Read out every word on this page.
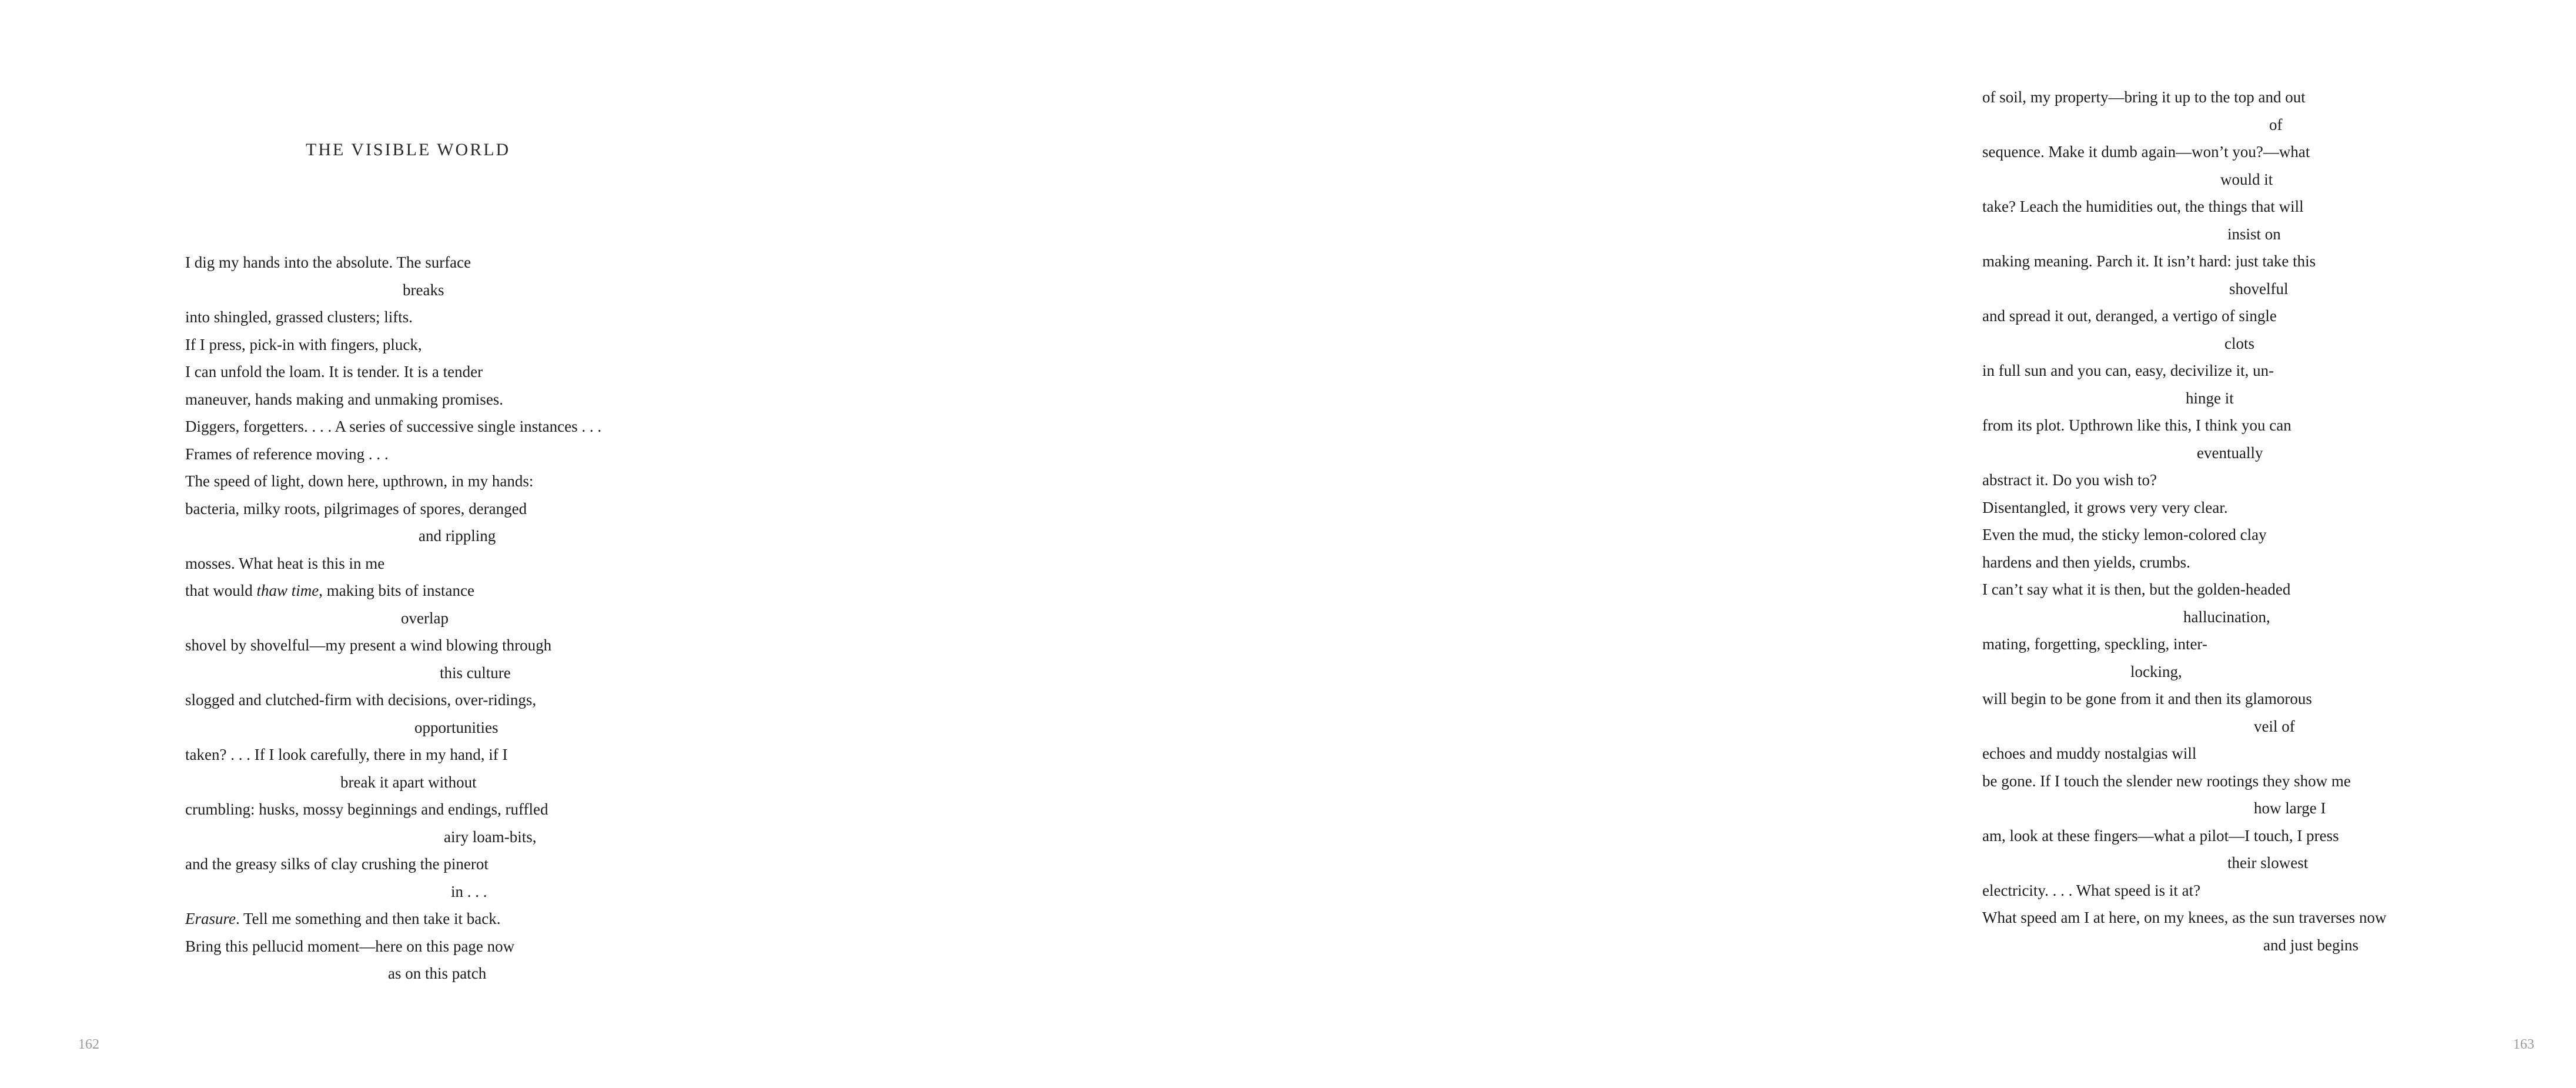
THE VISIBLE WORLD
I dig my hands into the absolute. The surface
breaks
into shingled, grassed clusters; lifts.
If I press, pick-in with fingers, pluck,
I can unfold the loam. It is tender. It is a tender
maneuver, hands making and unmaking promises.
Diggers, forgetters. . . . A series of successive single instances . . .
Frames of reference moving . . .
The speed of light, down here, upthrown, in my hands:
bacteria, milky roots, pilgrimages of spores, deranged
and rippling
mosses. What heat is this in me
that would thaw time, making bits of instance
overlap
shovel by shovelful—my present a wind blowing through
this culture
slogged and clutched-firm with decisions, over-ridings,
opportunities
taken? . . . If I look carefully, there in my hand, if I
break it apart without
crumbling: husks, mossy beginnings and endings, ruffled
airy loam-bits,
and the greasy silks of clay crushing the pinerot
in . . .
Erasure. Tell me something and then take it back.
Bring this pellucid moment—here on this page now
as on this patch
162
of soil, my property—bring it up to the top and out
of
sequence. Make it dumb again—won’t you?—what
would it
take? Leach the humidities out, the things that will
insist on
making meaning. Parch it. It isn’t hard: just take this
shovelful
and spread it out, deranged, a vertigo of single
clots
in full sun and you can, easy, decivilize it, un-
hinge it
from its plot. Upthrown like this, I think you can
eventually
abstract it. Do you wish to?
Disentangled, it grows very very clear.
Even the mud, the sticky lemon-colored clay
hardens and then yields, crumbs.
I can’t say what it is then, but the golden-headed
hallucination,
mating, forgetting, speckling, inter-
locking,
will begin to be gone from it and then its glamorous
veil of
echoes and muddy nostalgias will
be gone. If I touch the slender new rootings they show me
how large I
am, look at these fingers—what a pilot—I touch, I press
their slowest
electricity. . . . What speed is it at?
What speed am I at here, on my knees, as the sun traverses now
and just begins
163
